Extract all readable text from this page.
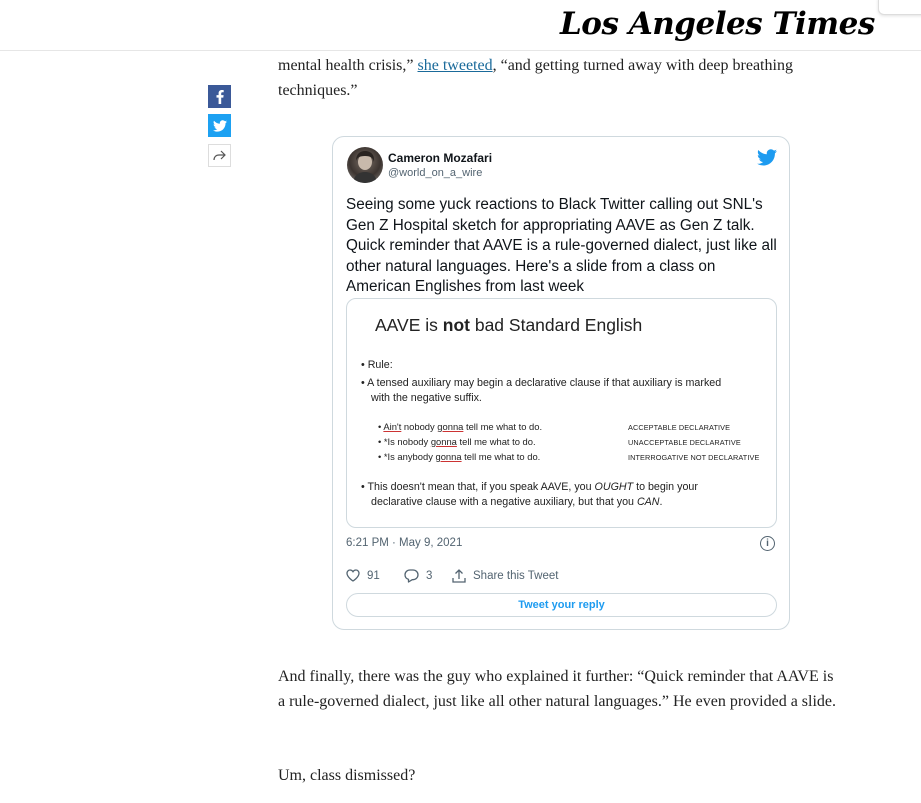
Los Angeles Times

mental health crisis,” she tweeted, “and getting turned away with deep breathing techniques.”

Cameron Mozafari
@world_on_a_wire

Seeing some yuck reactions to Black Twitter calling out SNL's Gen Z Hospital sketch for appropriating AAVE as Gen Z talk. Quick reminder that AAVE is a rule-governed dialect, just like all other natural languages. Here's a slide from a class on American Englishes from last week

AAVE is not bad Standard English
• Rule:
• A tensed auxiliary may begin a declarative clause if that auxiliary is marked
with the negative suffix.
• Ain't nobody gonna tell me what to do.	ACCEPTABLE DECLARATIVE
• *Is nobody gonna tell me what to do.	UNACCEPTABLE DECLARATIVE
• *Is anybody gonna tell me what to do.	INTERROGATIVE NOT DECLARATIVE
• This doesn't mean that, if you speak AAVE, you OUGHT to begin your
declarative clause with a negative auxiliary, but that you CAN.
6:21 PM · May 9, 2021	i
91	3	Share this Tweet
Tweet your reply

And finally, there was the guy who explained it further: “Quick reminder that AAVE is a rule-governed dialect, just like all other natural languages.” He even provided a slide.

Um, class dismissed?
